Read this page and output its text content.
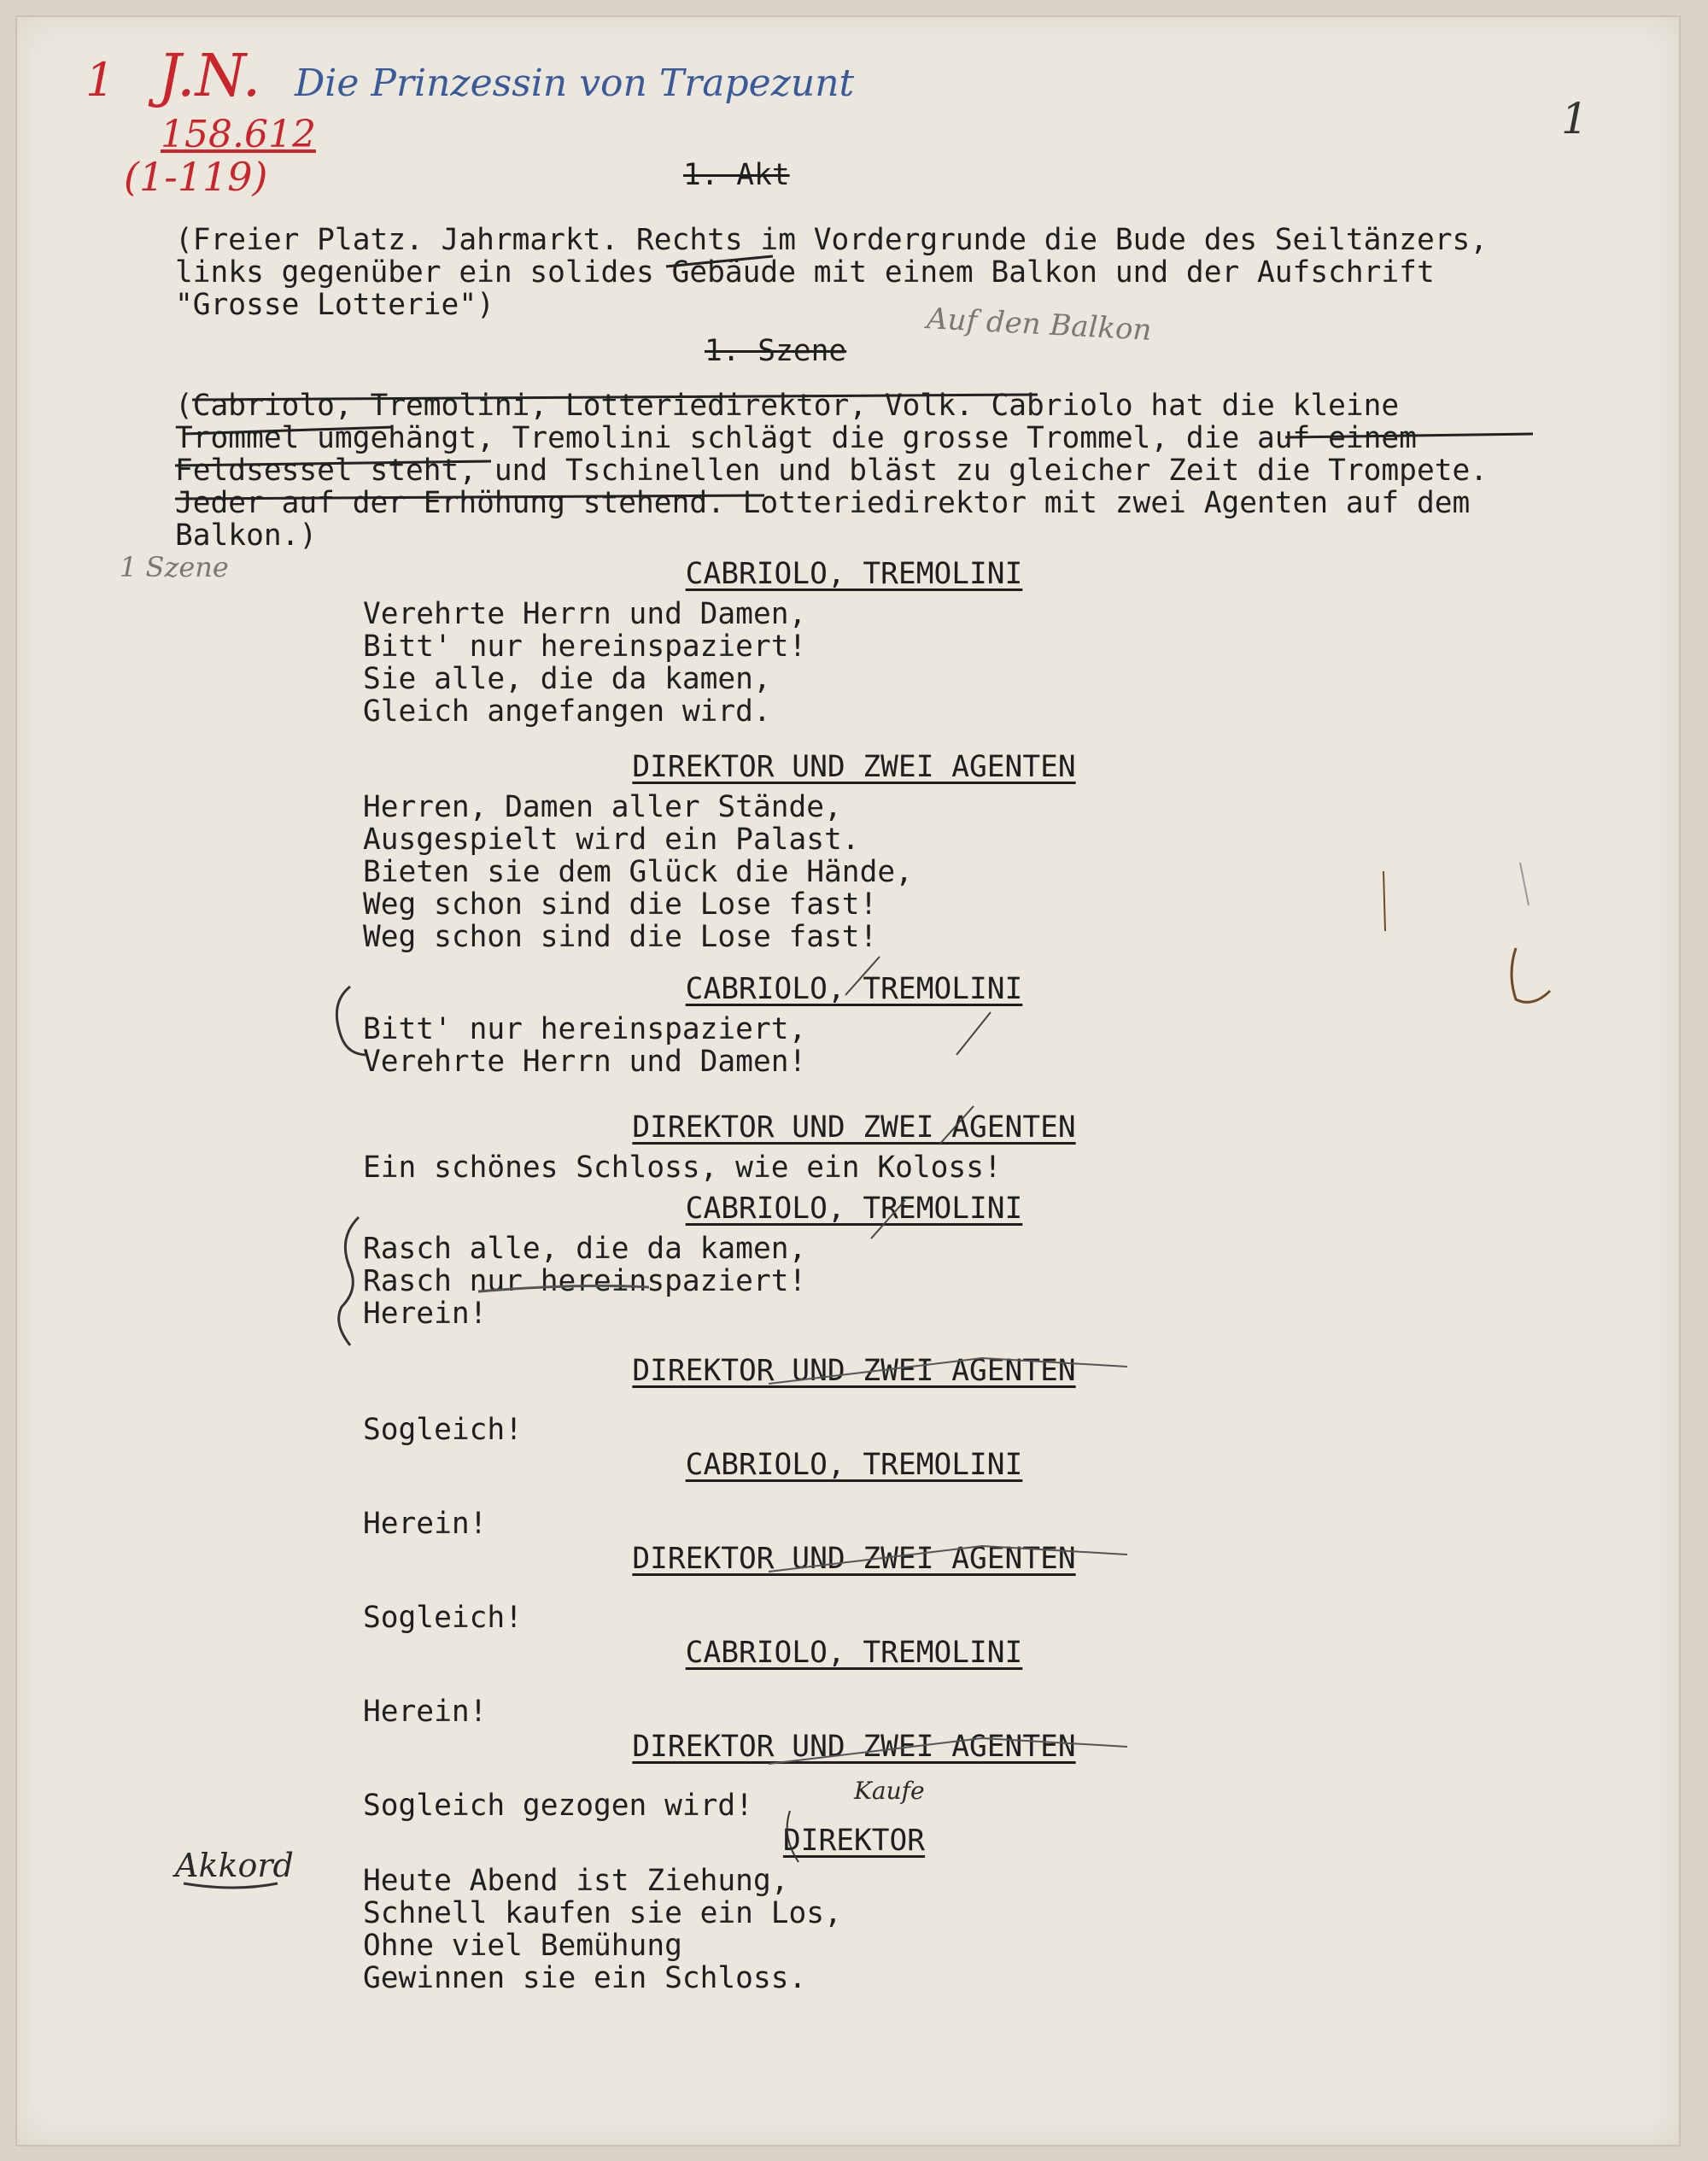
1 J.N. Die Prinzessin von Trapezunt
158.612
(1-119)
1
Auf den Balkon
1 Szene
Akkord
Kaufe
1. Akt
(Freier Platz. Jahrmarkt. Rechts im Vordergrunde die Bude des Seiltänzers,
links gegenüber ein solides Gebäude mit einem Balkon und der Aufschrift
"Grosse Lotterie")
1. Szene
(Cabriolo, Tremolini, Lotteriedirektor, Volk. Cabriolo hat die kleine
Trommel umgehängt, Tremolini schlägt die grosse Trommel, die auf einem
Feldsessel steht, und Tschinellen und bläst zu gleicher Zeit die Trompete.
Jeder auf der Erhöhung stehend. Lotteriedirektor mit zwei Agenten auf dem
Balkon.)
CABRIOLO, TREMOLINI
Verehrte Herrn und Damen,
Bitt' nur hereinspaziert!
Sie alle, die da kamen,
Gleich angefangen wird.
DIREKTOR UND ZWEI AGENTEN
Herren, Damen aller Stände,
Ausgespielt wird ein Palast.
Bieten sie dem Glück die Hände,
Weg schon sind die Lose fast!
Weg schon sind die Lose fast!
CABRIOLO, TREMOLINI
Bitt' nur hereinspaziert,
Verehrte Herrn und Damen!
DIREKTOR UND ZWEI AGENTEN
Ein schönes Schloss, wie ein Koloss!
CABRIOLO, TREMOLINI
Rasch alle, die da kamen,
Rasch nur hereinspaziert!
Herein!
DIREKTOR UND ZWEI AGENTEN
Sogleich!
CABRIOLO, TREMOLINI
Herein!
DIREKTOR UND ZWEI AGENTEN
Sogleich!
CABRIOLO, TREMOLINI
Herein!
DIREKTOR UND ZWEI AGENTEN
Sogleich gezogen wird!
DIREKTOR
Heute Abend ist Ziehung,
Schnell kaufen sie ein Los,
Ohne viel Bemühung
Gewinnen sie ein Schloss.
